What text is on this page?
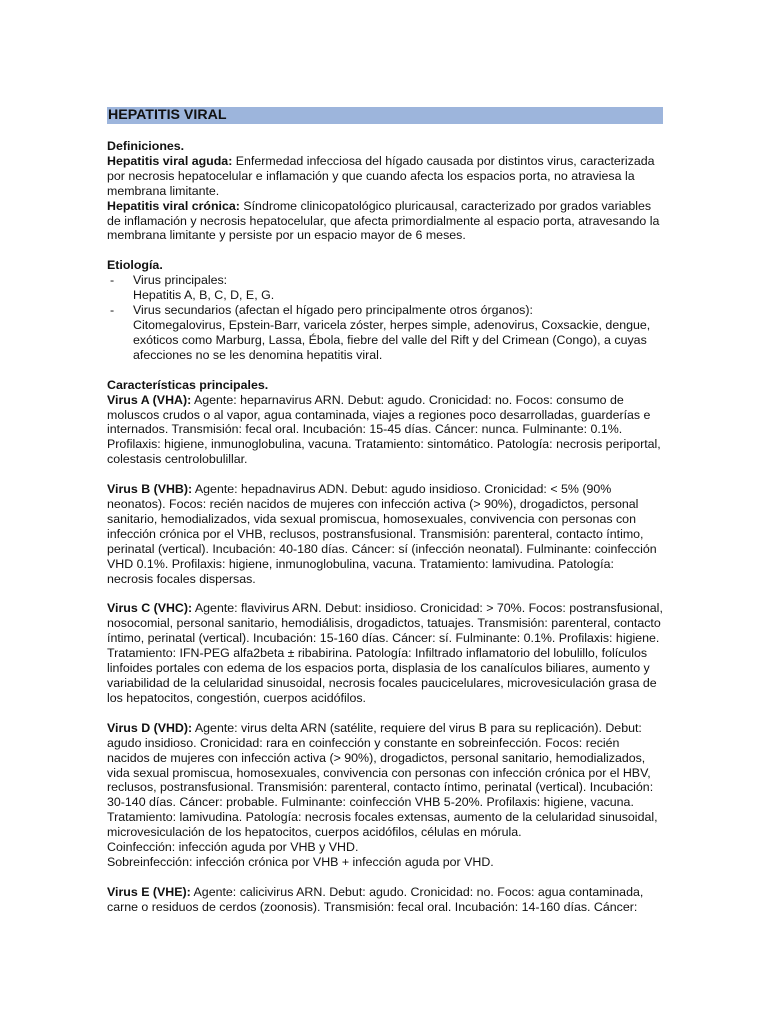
HEPATITIS VIRAL

Definiciones.

Hepatitis viral aguda: Enfermedad infecciosa del hígado causada por distintos virus, caracterizada por necrosis hepatocelular e inflamación y que cuando afecta los espacios porta, no atraviesa la membrana limitante.

Hepatitis viral crónica: Síndrome clinicopatológico pluricausal, caracterizado por grados variables de inflamación y necrosis hepatocelular, que afecta primordialmente al espacio porta, atravesando la membrana limitante y persiste por un espacio mayor de 6 meses.

Etiología.

- Virus principales:
Hepatitis A, B, C, D, E, G.
- Virus secundarios (afectan el hígado pero principalmente otros órganos):
Citomegalovirus, Epstein-Barr, varicela zóster, herpes simple, adenovirus, Coxsackie, dengue, exóticos como Marburg, Lassa, Ébola, fiebre del valle del Rift y del Crimean (Congo), a cuyas afecciones no se les denomina hepatitis viral.

Características principales.

Virus A (VHA): Agente: heparnavirus ARN. Debut: agudo. Cronicidad: no. Focos: consumo de moluscos crudos o al vapor, agua contaminada, viajes a regiones poco desarrolladas, guarderías e internados. Transmisión: fecal oral. Incubación: 15-45 días. Cáncer: nunca. Fulminante: 0.1%. Profilaxis: higiene, inmunoglobulina, vacuna. Tratamiento: sintomático. Patología: necrosis periportal, colestasis centrolobulillar.

Virus B (VHB): Agente: hepadnavirus ADN. Debut: agudo insidioso. Cronicidad: < 5% (90% neonatos). Focos: recién nacidos de mujeres con infección activa (> 90%), drogadictos, personal sanitario, hemodializados, vida sexual promiscua, homosexuales, convivencia con personas con infección crónica por el VHB, reclusos, postransfusional. Transmisión: parenteral, contacto íntimo, perinatal (vertical). Incubación: 40-180 días. Cáncer: sí (infección neonatal). Fulminante: coinfección VHD 0.1%. Profilaxis: higiene, inmunoglobulina, vacuna. Tratamiento: lamivudina. Patología: necrosis focales dispersas.

Virus C (VHC): Agente: flavivirus ARN. Debut: insidioso. Cronicidad: > 70%. Focos: postransfusional, nosocomial, personal sanitario, hemodiálisis, drogadictos, tatuajes. Transmisión: parenteral, contacto íntimo, perinatal (vertical). Incubación: 15-160 días. Cáncer: sí. Fulminante: 0.1%. Profilaxis: higiene. Tratamiento: IFN-PEG alfa2beta ± ribabirina. Patología: Infiltrado inflamatorio del lobulillo, folículos linfoides portales con edema de los espacios porta, displasia de los canalículos biliares, aumento y variabilidad de la celularidad sinusoidal, necrosis focales paucicelulares, microvesiculación grasa de los hepatocitos, congestión, cuerpos acidófilos.

Virus D (VHD): Agente: virus delta ARN (satélite, requiere del virus B para su replicación). Debut: agudo insidioso. Cronicidad: rara en coinfección y constante en sobreinfección. Focos: recién nacidos de mujeres con infección activa (> 90%), drogadictos, personal sanitario, hemodializados, vida sexual promiscua, homosexuales, convivencia con personas con infección crónica por el HBV, reclusos, postransfusional. Transmisión: parenteral, contacto íntimo, perinatal (vertical). Incubación: 30-140 días. Cáncer: probable. Fulminante: coinfección VHB 5-20%. Profilaxis: higiene, vacuna. Tratamiento: lamivudina. Patología: necrosis focales extensas, aumento de la celularidad sinusoidal, microvesiculación de los hepatocitos, cuerpos acidófilos, células en mórula.

Coinfección: infección aguda por VHB y VHD.

Sobreinfección: infección crónica por VHB + infección aguda por VHD.

Virus E (VHE): Agente: calicivirus ARN. Debut: agudo. Cronicidad: no. Focos: agua contaminada, carne o residuos de cerdos (zoonosis). Transmisión: fecal oral. Incubación: 14-160 días. Cáncer:
